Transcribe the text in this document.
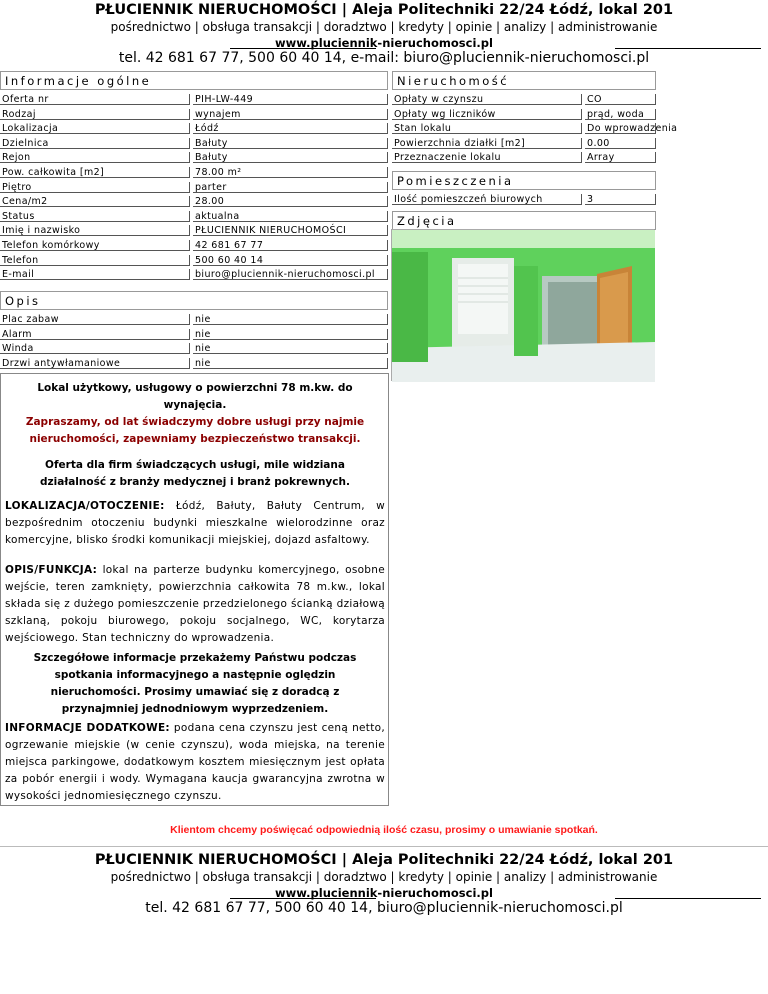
PŁUCIENNIK NIERUCHOMOŚCI | Aleja Politechniki 22/24 Łódź, lokal 201
pośrednictwo | obsługa transakcji | doradztwo | kredyty | opinie | analizy | administrowanie
www.pluciennik-nieruchomosci.pl
tel. 42 681 67 77, 500 60 40 14, e-mail: biuro@pluciennik-nieruchomosci.pl
Informacje ogólne	Nieruchomość
Pomieszczenia
Zdjęcia
Opis
Lokal użytkowy, usługowy o powierzchni 78 m.kw. do wynajęcia.
Zapraszamy, od lat świadczymy dobre usługi przy najmie nieruchomości, zapewniamy bezpieczeństwo transakcji.
Oferta dla firm świadczących usługi, mile widziana działalność z branży medycznej i branż pokrewnych.
LOKALIZACJA/OTOCZENIE: Łódź, Bałuty, Bałuty Centrum, w bezpośrednim otoczeniu budynki mieszkalne wielorodzinne oraz komercyjne, blisko środki komunikacji miejskiej, dojazd asfaltowy.
OPIS/FUNKCJA: lokal na parterze budynku komercyjnego, osobne wejście, teren zamknięty, powierzchnia całkowita 78 m.kw., lokal składa się z dużego pomieszczenie przedzielonego ścianką działową szklaną, pokoju biurowego, pokoju socjalnego, WC, korytarza wejściowego. Stan techniczny do wprowadzenia.
Szczegółowe informacje przekażemy Państwu podczas spotkania informacyjnego a następnie oględzin nieruchomości. Prosimy umawiać się z doradcą z przynajmniej jednodniowym wyprzedzeniem.
INFORMACJE DODATKOWE: podana cena czynszu jest ceną netto, ogrzewanie miejskie (w cenie czynszu), woda miejska, na terenie miejsca parkingowe, dodatkowym kosztem miesięcznym jest opłata za pobór energii i wody. Wymagana kaucja gwarancyjna zwrotna w wysokości jednomiesięcznego czynszu.
Klientom chcemy poświęcać odpowiednią ilość czasu, prosimy o umawianie spotkań.
PŁUCIENNIK NIERUCHOMOŚCI | Aleja Politechniki 22/24 Łódź, lokal 201
pośrednictwo | obsługa transakcji | doradztwo | kredyty | opinie | analizy | administrowanie
www.pluciennik-nieruchomosci.pl
tel. 42 681 67 77, 500 60 40 14, biuro@pluciennik-nieruchomosci.pl
Oferta nr	PIH-LW-449
Rodzaj	wynajem
Lokalizacja	Łódź
Dzielnica	Bałuty
Rejon	Bałuty
Pow. całkowita [m2]	78.00 m²
Piętro	parter
Cena/m2	28.00
Status	aktualna
Imię i nazwisko	PŁUCIENNIK NIERUCHOMOŚCI
Telefon komórkowy	42 681 67 77
Telefon	500 60 40 14
E-mail	biuro@pluciennik-nieruchomosci.pl
Opłaty w czynszu	CO
Opłaty wg liczników	prąd, woda
Stan lokalu	Do wprowadzenia
Powierzchnia działki [m2]	0.00
Przeznaczenie lokalu	Array
Ilość pomieszczeń biurowych	3
Plac zabaw	nie
Alarm	nie
Winda	nie
Drzwi antywłamaniowe	nie
